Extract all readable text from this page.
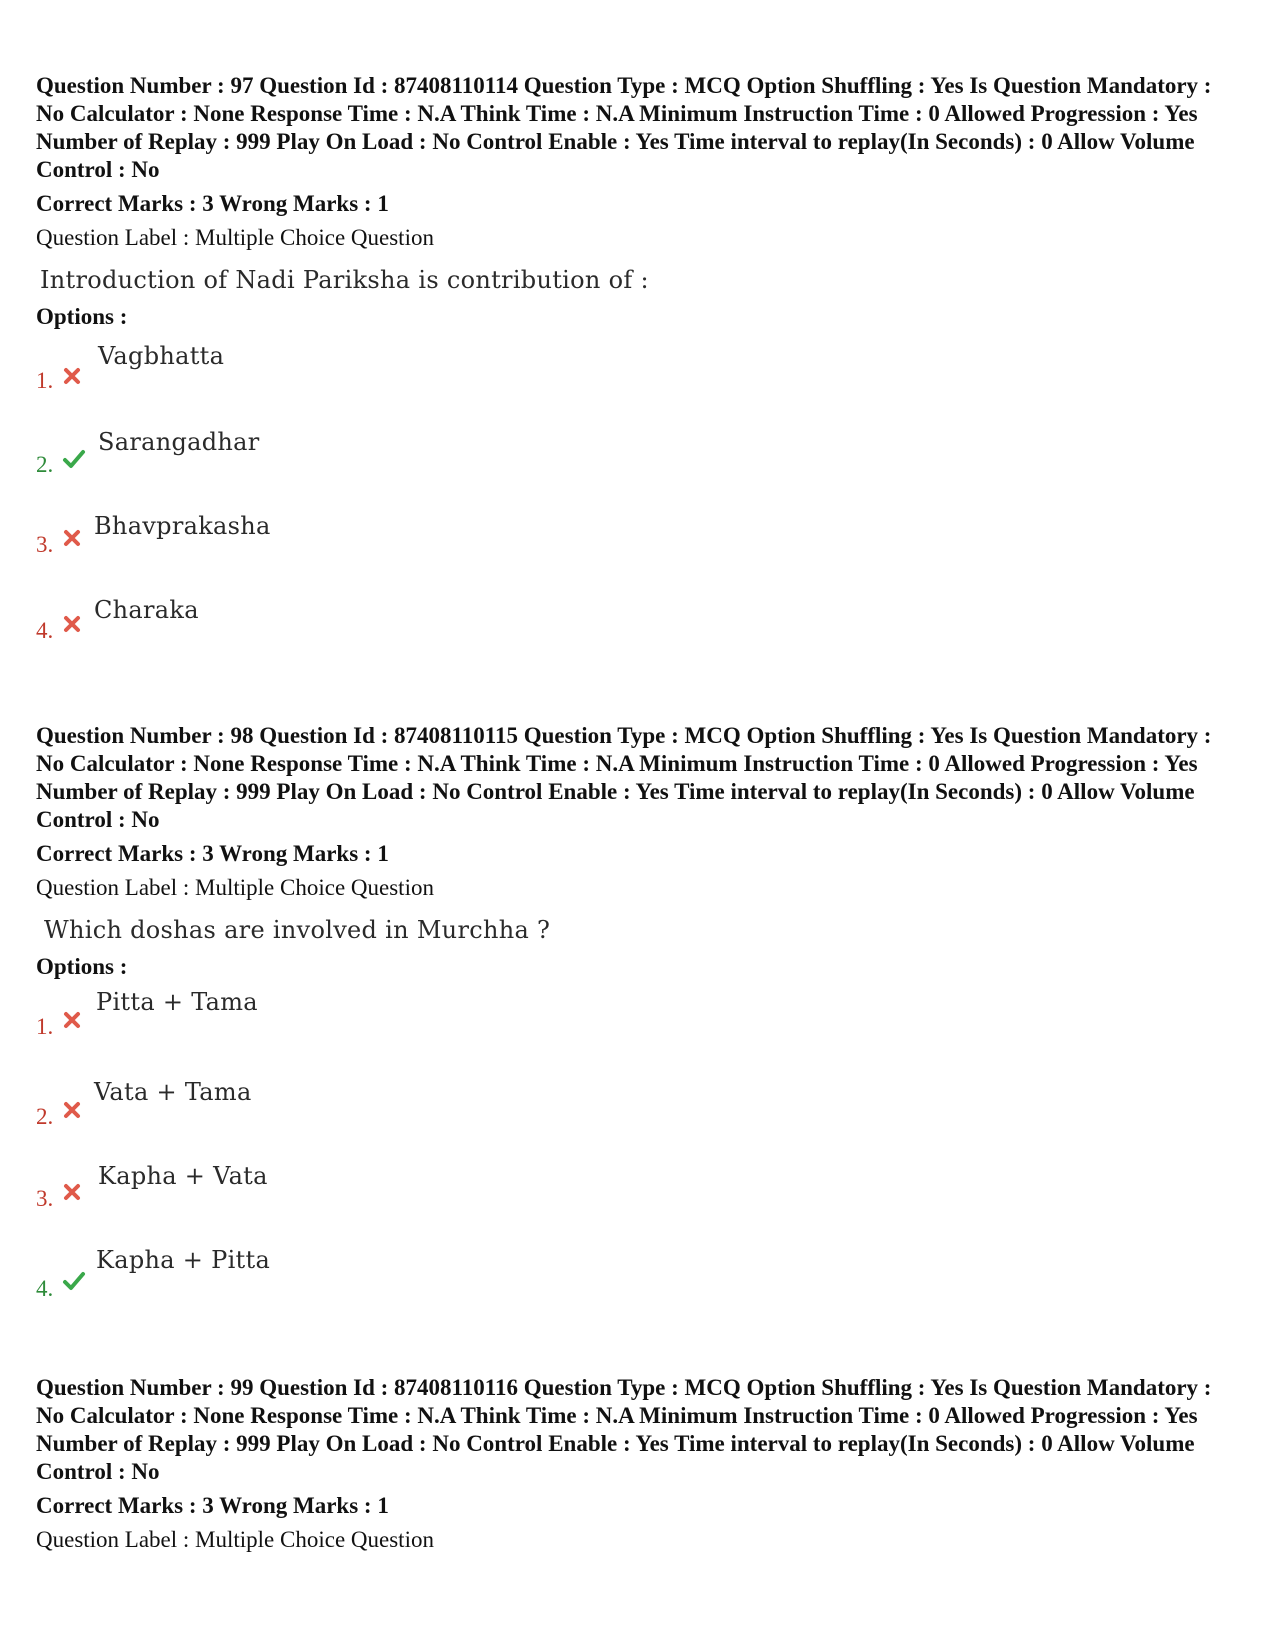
Question Number : 97 Question Id : 87408110114 Question Type : MCQ Option Shuffling : Yes Is Question Mandatory : No Calculator : None Response Time : N.A Think Time : N.A Minimum Instruction Time : 0 Allowed Progression : Yes Number of Replay : 999 Play On Load : No Control Enable : Yes Time interval to replay(In Seconds) : 0 Allow Volume Control : No

Correct Marks : 3 Wrong Marks : 1
Question Label : Multiple Choice Question
Introduction of Nadi Pariksha is contribution of :
Options :
1.
Vagbhatta
2.
Sarangadhar
3.
Bhavprakasha
4.
Charaka

Question Number : 98 Question Id : 87408110115 Question Type : MCQ Option Shuffling : Yes Is Question Mandatory : No Calculator : None Response Time : N.A Think Time : N.A Minimum Instruction Time : 0 Allowed Progression : Yes Number of Replay : 999 Play On Load : No Control Enable : Yes Time interval to replay(In Seconds) : 0 Allow Volume Control : No

Correct Marks : 3 Wrong Marks : 1
Question Label : Multiple Choice Question
Which doshas are involved in Murchha ?
Options :
1.
Pitta + Tama
2.
Vata + Tama
3.
Kapha + Vata
4.
Kapha + Pitta

Question Number : 99 Question Id : 87408110116 Question Type : MCQ Option Shuffling : Yes Is Question Mandatory : No Calculator : None Response Time : N.A Think Time : N.A Minimum Instruction Time : 0 Allowed Progression : Yes Number of Replay : 999 Play On Load : No Control Enable : Yes Time interval to replay(In Seconds) : 0 Allow Volume Control : No

Correct Marks : 3 Wrong Marks : 1
Question Label : Multiple Choice Question
